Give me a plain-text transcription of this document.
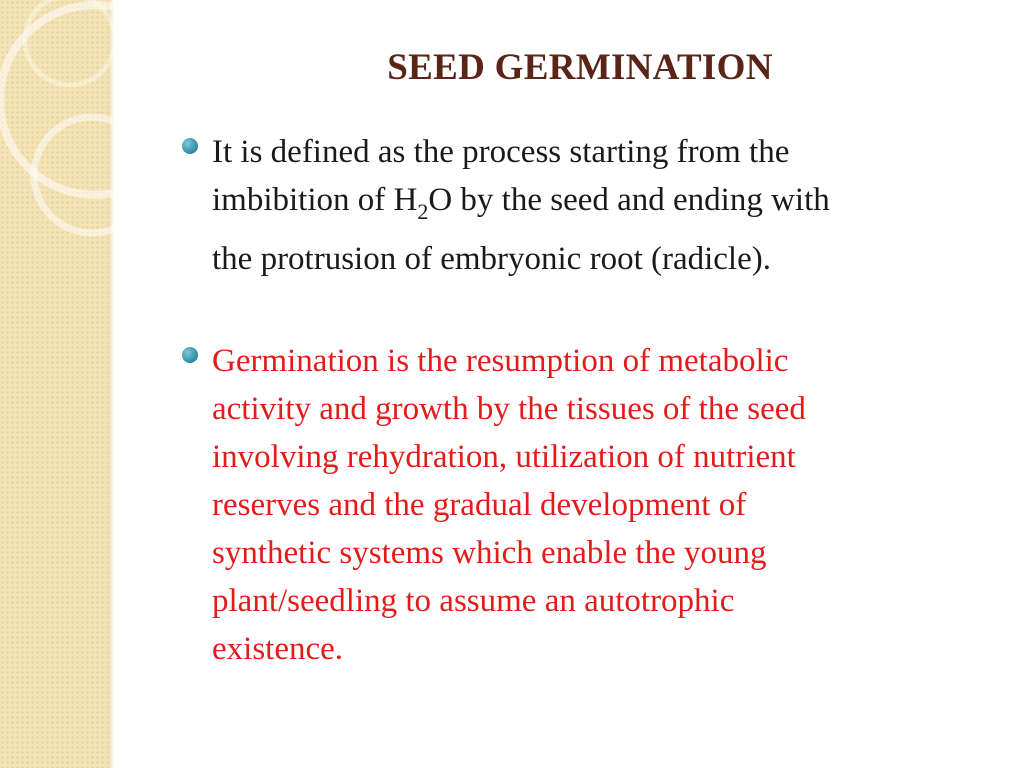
SEED GERMINATION
It is defined as the process starting from the
imbibition of $H_2O$ by the seed and ending with
the protrusion of embryonic root (radicle).
Germination is the resumption of metabolic
activity and growth by the tissues of the seed
involving rehydration, utilization of nutrient
reserves and the gradual development of
synthetic systems which enable the young
plant/seedling to assume an autotrophic
existence.
